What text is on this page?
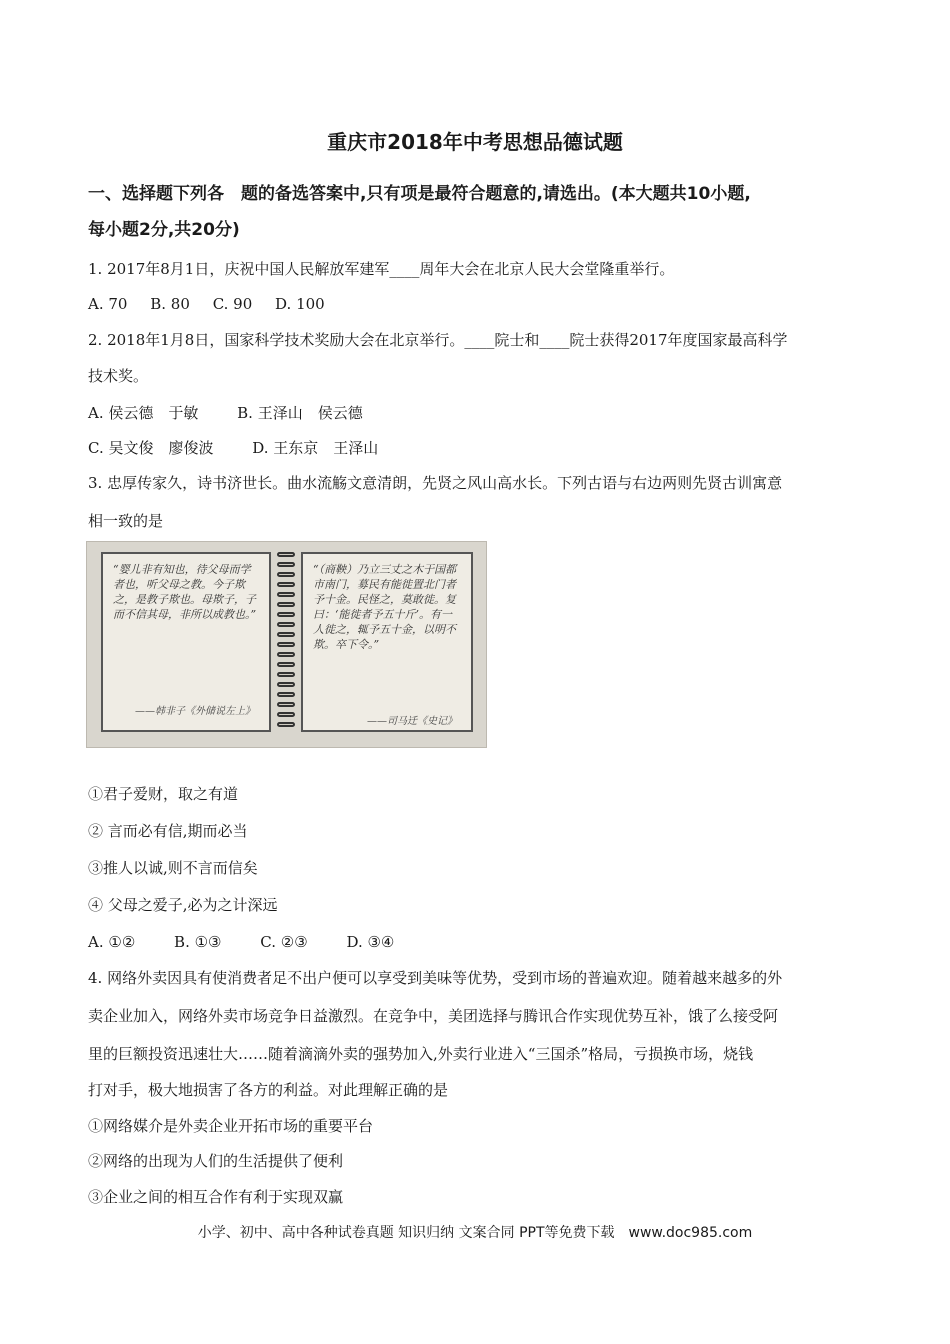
重庆市2018年中考思想品德试题
一、选择题下列各　题的备选答案中,只有项是最符合题意的,请选出。(本大题共10小题,
每小题2分,共20分)
1. 2017年8月1日，庆祝中国人民解放军建军____周年大会在北京人民大会堂隆重举行。
A. 70 B. 80 C. 90 D. 100
2. 2018年1月8日，国家科学技术奖励大会在北京举行。____院士和____院士获得2017年度国家最高科学
技术奖。
A. 侯云德　于敏	B. 王泽山　侯云德
C. 吴文俊　廖俊波	D. 王东京　王泽山
3. 忠厚传家久，诗书济世长。曲水流觞文意清朗，先贤之风山高水长。下列古语与右边两则先贤古训寓意
相一致的是
“婴儿非有知也，待父母而学者也，听父母之教。今子欺之，是教子欺也。母欺子，子而不信其母，非所以成教也。”
——韩非子《外储说左上》
“（商鞅）乃立三丈之木于国都市南门，募民有能徙置北门者予十金。民怪之，莫敢徙。复曰：‘能徙者予五十斤’。有一人徙之，辄予五十金，以明不欺。卒下令。”
——司马迁《史记》
①君子爱财，取之有道
② 言而必有信,期而必当
③推人以诚,则不言而信矣
④ 父母之爱子,必为之计深远
A. ①②	B. ①③	C. ②③	D. ③④
4. 网络外卖因具有使消费者足不出户便可以享受到美味等优势，受到市场的普遍欢迎。随着越来越多的外
卖企业加入，网络外卖市场竞争日益激烈。在竞争中，美团选择与腾讯合作实现优势互补，饿了么接受阿
里的巨额投资迅速壮大……随着滴滴外卖的强势加入,外卖行业进入“三国杀”格局，亏损换市场，烧钱
打对手，极大地损害了各方的利益。对此理解正确的是
①网络媒介是外卖企业开拓市场的重要平台
②网络的出现为人们的生活提供了便利
③企业之间的相互合作有利于实现双赢
小学、初中、高中各种试卷真题 知识归纳 文案合同 PPT等免费下载　www.doc985.com
